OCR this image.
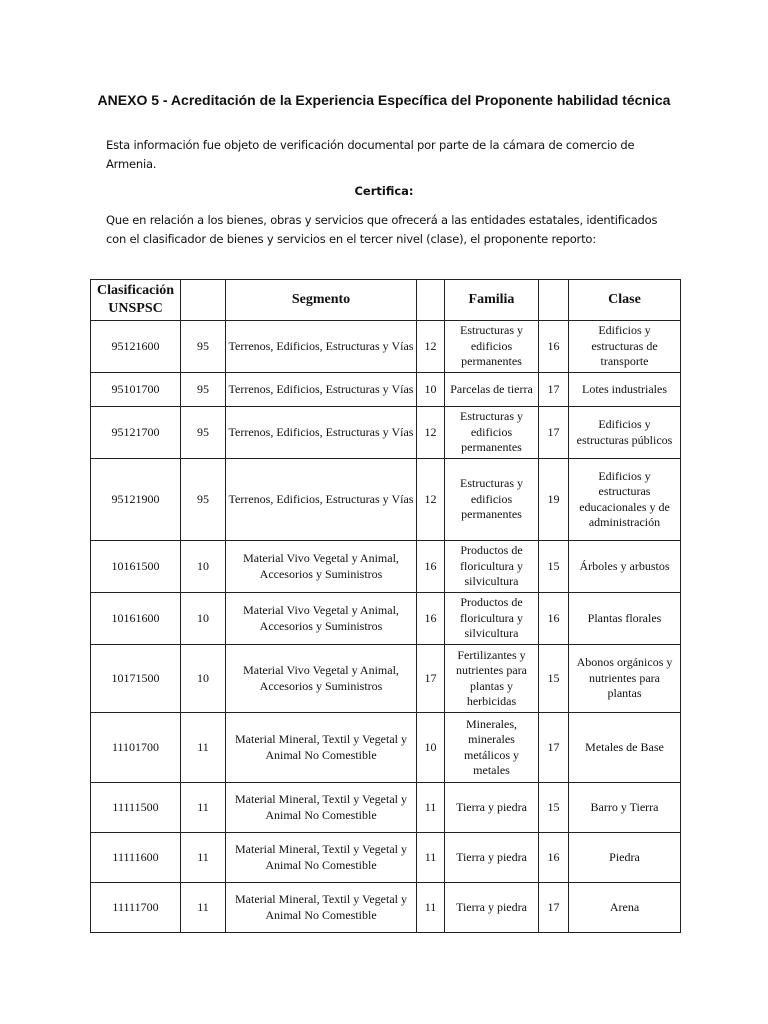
ANEXO 5 - Acreditación de la Experiencia Específica del Proponente habilidad técnica
Esta información fue objeto de verificación documental por parte de la cámara de comercio de Armenia.
Certifica:
Que en relación a los bienes, obras y servicios que ofrecerá a las entidades estatales, identificados con el clasificador de bienes y servicios en el tercer nivel (clase), el proponente reporto:
Clasificación UNSPSC		Segmento		Familia		Clase
95121600	95	Terrenos, Edificios, Estructuras y Vías	12	Estructuras y edificios permanentes	16	Edificios y estructuras de transporte
95101700	95	Terrenos, Edificios, Estructuras y Vías	10	Parcelas de tierra	17	Lotes industriales
95121700	95	Terrenos, Edificios, Estructuras y Vías	12	Estructuras y edificios permanentes	17	Edificios y estructuras públicos
95121900	95	Terrenos, Edificios, Estructuras y Vías	12	Estructuras y edificios permanentes	19	Edificios y estructuras educacionales y de administración
10161500	10	Material Vivo Vegetal y Animal, Accesorios y Suministros	16	Productos de floricultura y silvicultura	15	Árboles y arbustos
10161600	10	Material Vivo Vegetal y Animal, Accesorios y Suministros	16	Productos de floricultura y silvicultura	16	Plantas florales
10171500	10	Material Vivo Vegetal y Animal, Accesorios y Suministros	17	Fertilizantes y nutrientes para plantas y herbicidas	15	Abonos orgánicos y nutrientes para plantas
11101700	11	Material Mineral, Textil y Vegetal y Animal No Comestible	10	Minerales, minerales metálicos y metales	17	Metales de Base
11111500	11	Material Mineral, Textil y Vegetal y Animal No Comestible	11	Tierra y piedra	15	Barro y Tierra
11111600	11	Material Mineral, Textil y Vegetal y Animal No Comestible	11	Tierra y piedra	16	Piedra
11111700	11	Material Mineral, Textil y Vegetal y Animal No Comestible	11	Tierra y piedra	17	Arena
